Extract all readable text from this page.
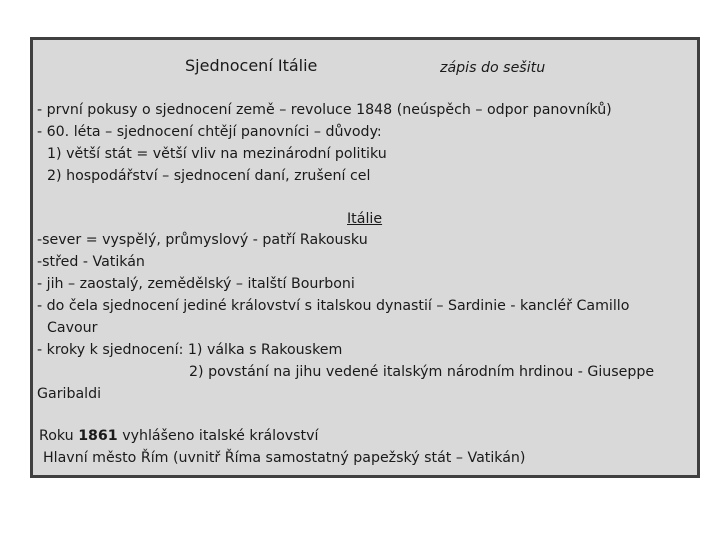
Sjednocení Itálie	zápis do sešitu
- první pokusy o sjednocení země – revoluce 1848 (neúspěch – odpor panovníků)
- 60. léta – sjednocení chtějí panovníci – důvody:
1) větší stát = větší vliv na mezinárodní politiku
2) hospodářství – sjednocení daní, zrušení cel
Itálie
-sever = vyspělý, průmyslový - patří Rakousku
-střed - Vatikán
- jih – zaostalý, zemědělský – italští Bourboni
- do čela sjednocení jediné království s italskou dynastií – Sardinie - kancléř Camillo
Cavour
- kroky k sjednocení: 1) válka s Rakouskem
2) povstání na jihu vedené italským národním hrdinou - Giuseppe
Garibaldi
Roku 1861 vyhlášeno italské království
Hlavní město Řím (uvnitř Říma samostatný papežský stát – Vatikán)
